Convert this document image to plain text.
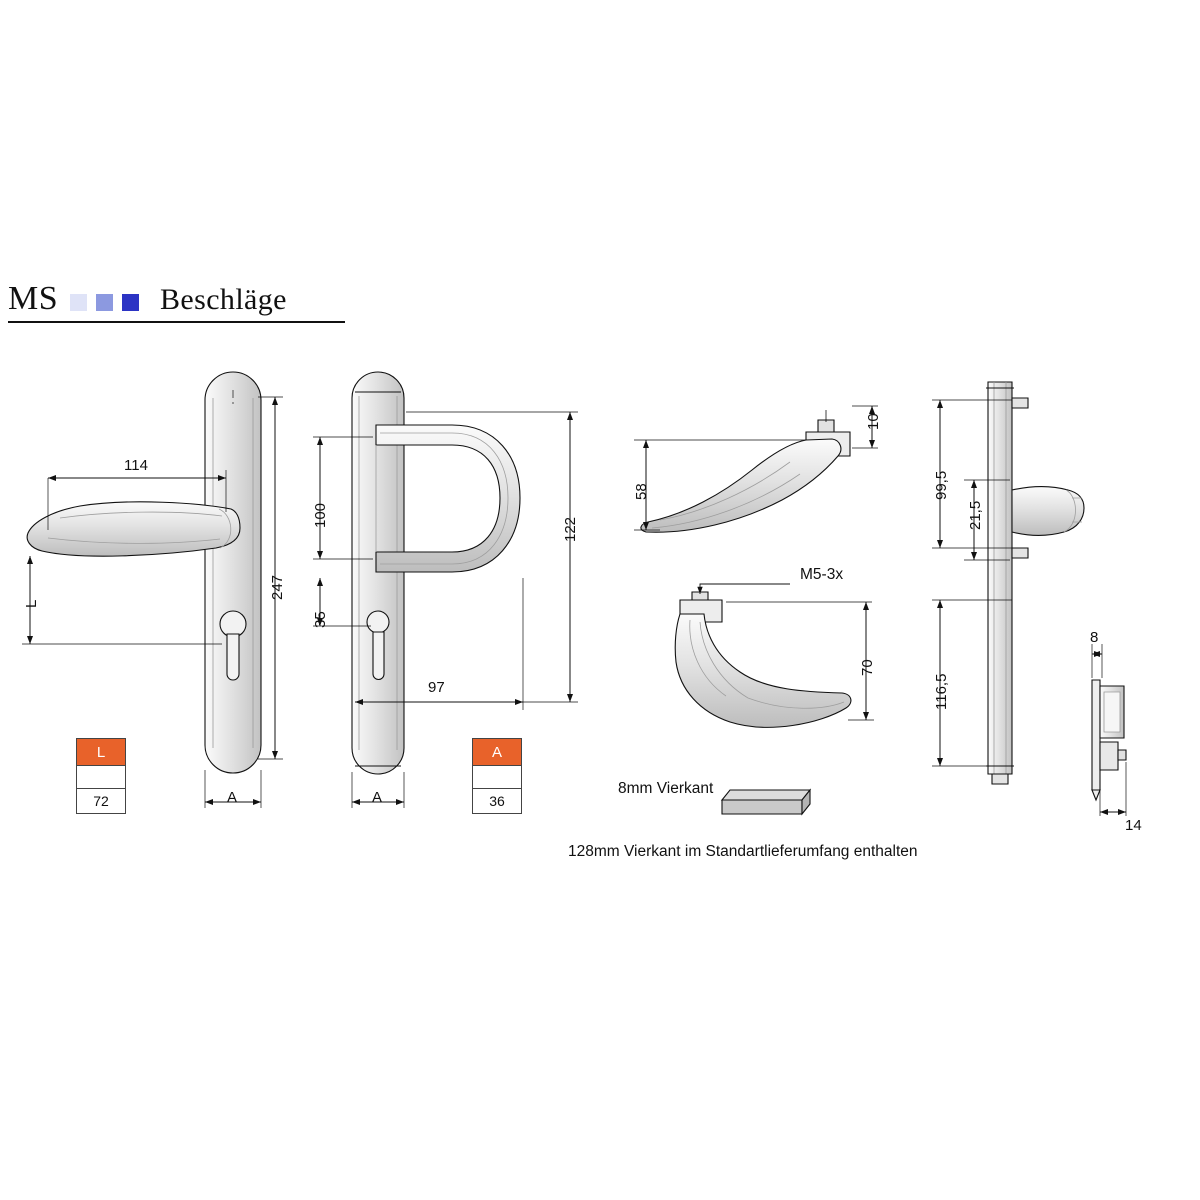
MS	Beschläge
114
L
247
A
100
35
122
97
A
10
58
M5-3x
70
99,5
21,5
116,5
8
14
L
72
A
36
8mm Vierkant
128mm Vierkant im Standartlieferumfang enthalten
